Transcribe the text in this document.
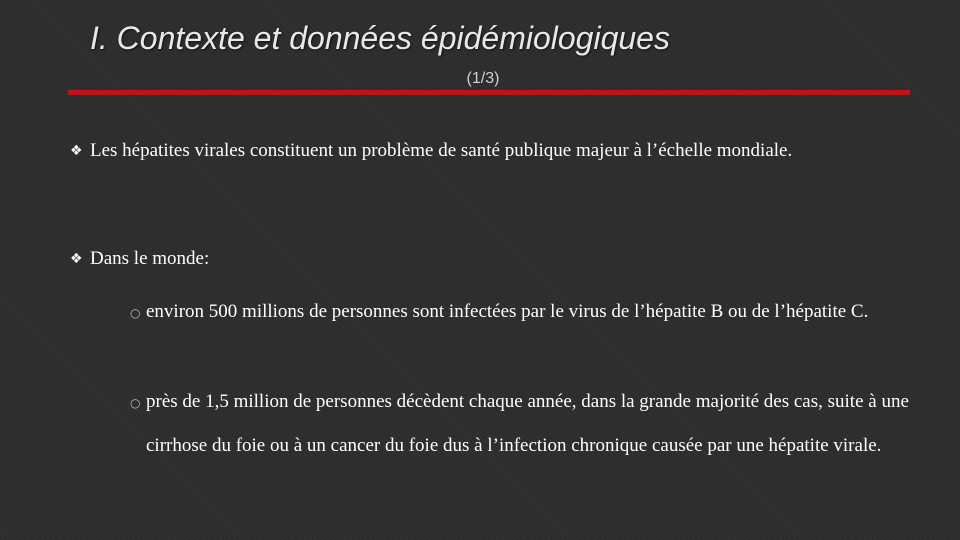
I. Contexte et données épidémiologiques
(1/3)
❖ Les hépatites virales constituent un problème de santé publique majeur à l’échelle mondiale.
❖ Dans le monde:
○ environ 500 millions de personnes sont infectées par le virus de l’hépatite B ou de l’hépatite C.
○ près de 1,5 million de personnes décèdent chaque année, dans la grande majorité des cas, suite à une cirrhose du foie ou à un cancer du foie dus à l’infection chronique causée par une hépatite virale.
